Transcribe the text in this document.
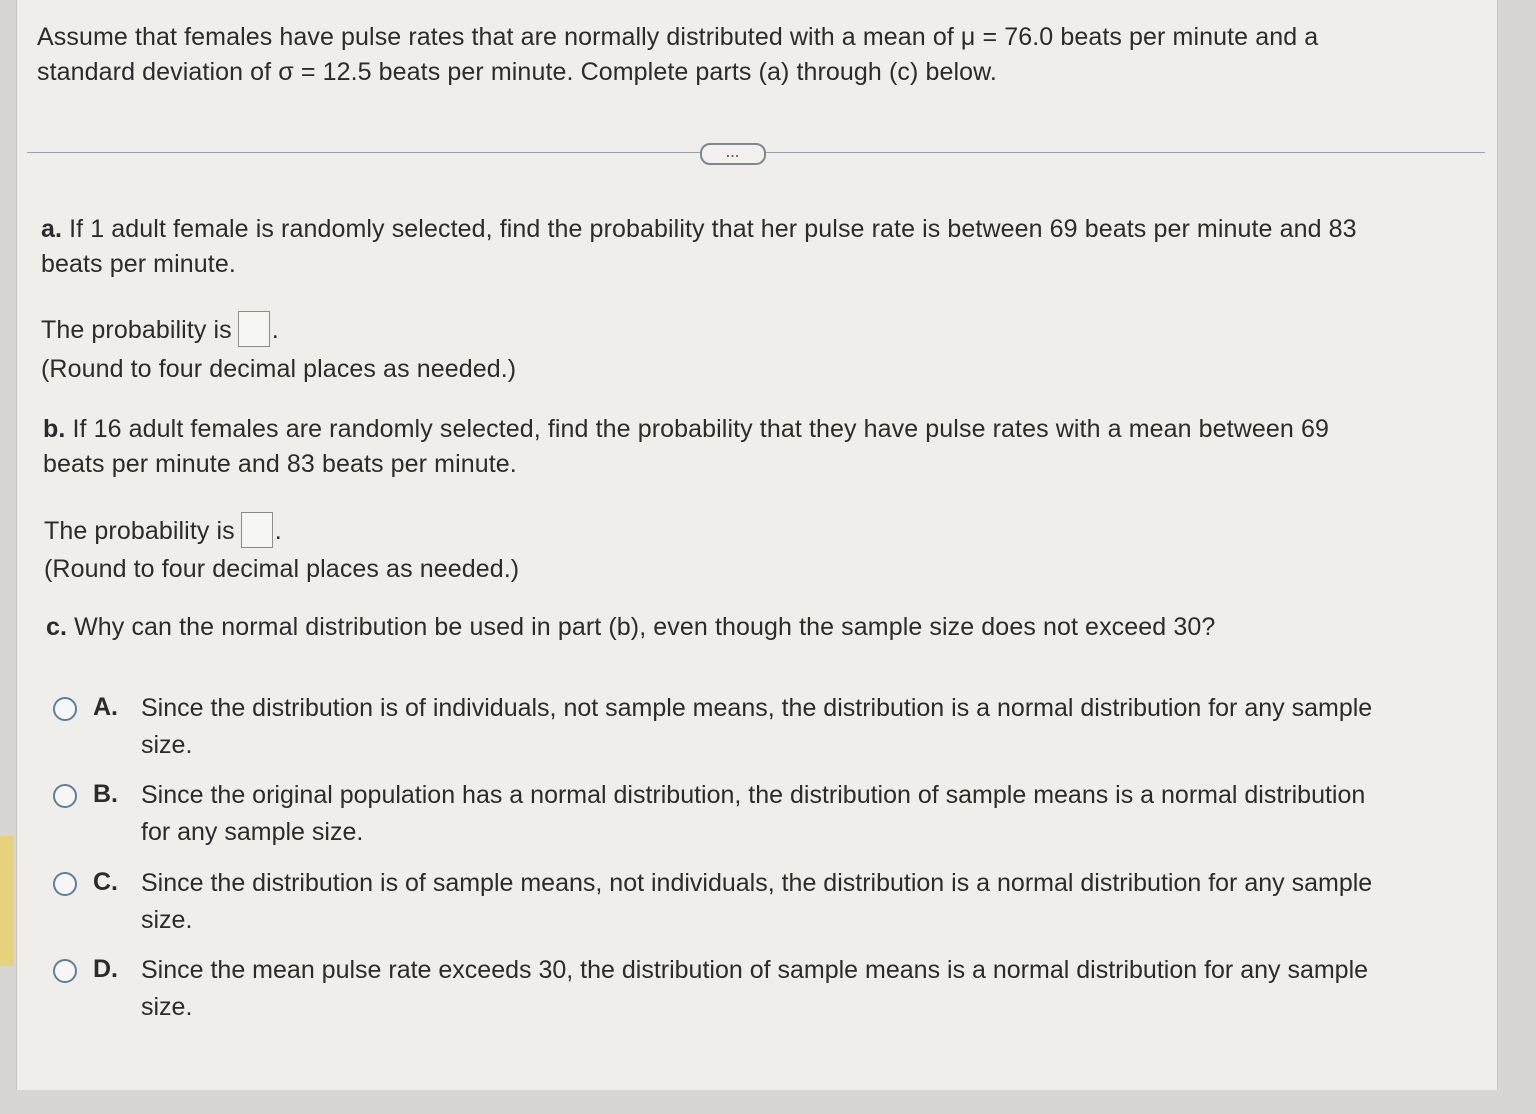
Assume that females have pulse rates that are normally distributed with a mean of μ = 76.0 beats per minute and a
standard deviation of σ = 12.5 beats per minute. Complete parts (a) through (c) below.
...
a. If 1 adult female is randomly selected, find the probability that her pulse rate is between 69 beats per minute and 83
beats per minute.
The probability is .
(Round to four decimal places as needed.)
b. If 16 adult females are randomly selected, find the probability that they have pulse rates with a mean between 69
beats per minute and 83 beats per minute.
The probability is .
(Round to four decimal places as needed.)
c. Why can the normal distribution be used in part (b), even though the sample size does not exceed 30?
A. Since the distribution is of individuals, not sample means, the distribution is a normal distribution for any sample
size.
B. Since the original population has a normal distribution, the distribution of sample means is a normal distribution
for any sample size.
C. Since the distribution is of sample means, not individuals, the distribution is a normal distribution for any sample
size.
D. Since the mean pulse rate exceeds 30, the distribution of sample means is a normal distribution for any sample
size.
